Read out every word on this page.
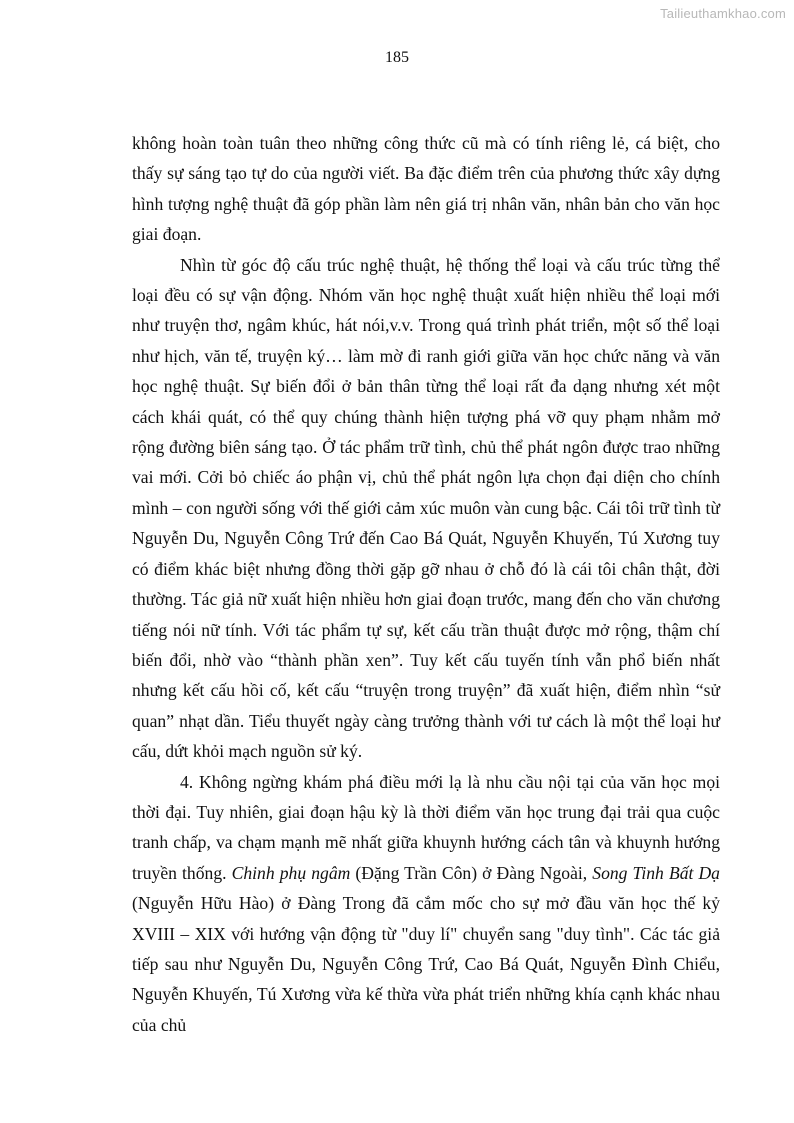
Tailieuthamkhao.com
185

không hoàn toàn tuân theo những công thức cũ mà có tính riêng lẻ, cá biệt, cho thấy sự sáng tạo tự do của người viết. Ba đặc điểm trên của phương thức xây dựng hình tượng nghệ thuật đã góp phần làm nên giá trị nhân văn, nhân bản cho văn học giai đoạn.

Nhìn từ góc độ cấu trúc nghệ thuật, hệ thống thể loại và cấu trúc từng thể loại đều có sự vận động. Nhóm văn học nghệ thuật xuất hiện nhiều thể loại mới như truyện thơ, ngâm khúc, hát nói,v.v. Trong quá trình phát triển, một số thể loại như hịch, văn tế, truyện ký… làm mờ đi ranh giới giữa văn học chức năng và văn học nghệ thuật. Sự biến đổi ở bản thân từng thể loại rất đa dạng nhưng xét một cách khái quát, có thể quy chúng thành hiện tượng phá vỡ quy phạm nhằm mở rộng đường biên sáng tạo. Ở tác phẩm trữ tình, chủ thể phát ngôn được trao những vai mới. Cởi bỏ chiếc áo phận vị, chủ thể phát ngôn lựa chọn đại diện cho chính mình – con người sống với thế giới cảm xúc muôn vàn cung bậc. Cái tôi trữ tình từ Nguyễn Du, Nguyễn Công Trứ đến Cao Bá Quát, Nguyễn Khuyến, Tú Xương tuy có điểm khác biệt nhưng đồng thời gặp gỡ nhau ở chỗ đó là cái tôi chân thật, đời thường. Tác giả nữ xuất hiện nhiều hơn giai đoạn trước, mang đến cho văn chương tiếng nói nữ tính. Với tác phẩm tự sự, kết cấu trần thuật được mở rộng, thậm chí biến đổi, nhờ vào “thành phần xen”. Tuy kết cấu tuyến tính vẫn phổ biến nhất nhưng kết cấu hồi cố, kết cấu “truyện trong truyện” đã xuất hiện, điểm nhìn “sử quan” nhạt dần. Tiểu thuyết ngày càng trưởng thành với tư cách là một thể loại hư cấu, dứt khỏi mạch nguồn sử ký.

4. Không ngừng khám phá điều mới lạ là nhu cầu nội tại của văn học mọi thời đại. Tuy nhiên, giai đoạn hậu kỳ là thời điểm văn học trung đại trải qua cuộc tranh chấp, va chạm mạnh mẽ nhất giữa khuynh hướng cách tân và khuynh hướng truyền thống. Chinh phụ ngâm (Đặng Trần Côn) ở Đàng Ngoài, Song Tinh Bất Dạ (Nguyễn Hữu Hào) ở Đàng Trong đã cắm mốc cho sự mở đầu văn học thế kỷ XVIII – XIX với hướng vận động từ "duy lí" chuyển sang "duy tình". Các tác giả tiếp sau như Nguyễn Du, Nguyễn Công Trứ, Cao Bá Quát, Nguyễn Đình Chiểu, Nguyễn Khuyến, Tú Xương vừa kế thừa vừa phát triển những khía cạnh khác nhau của chủ
